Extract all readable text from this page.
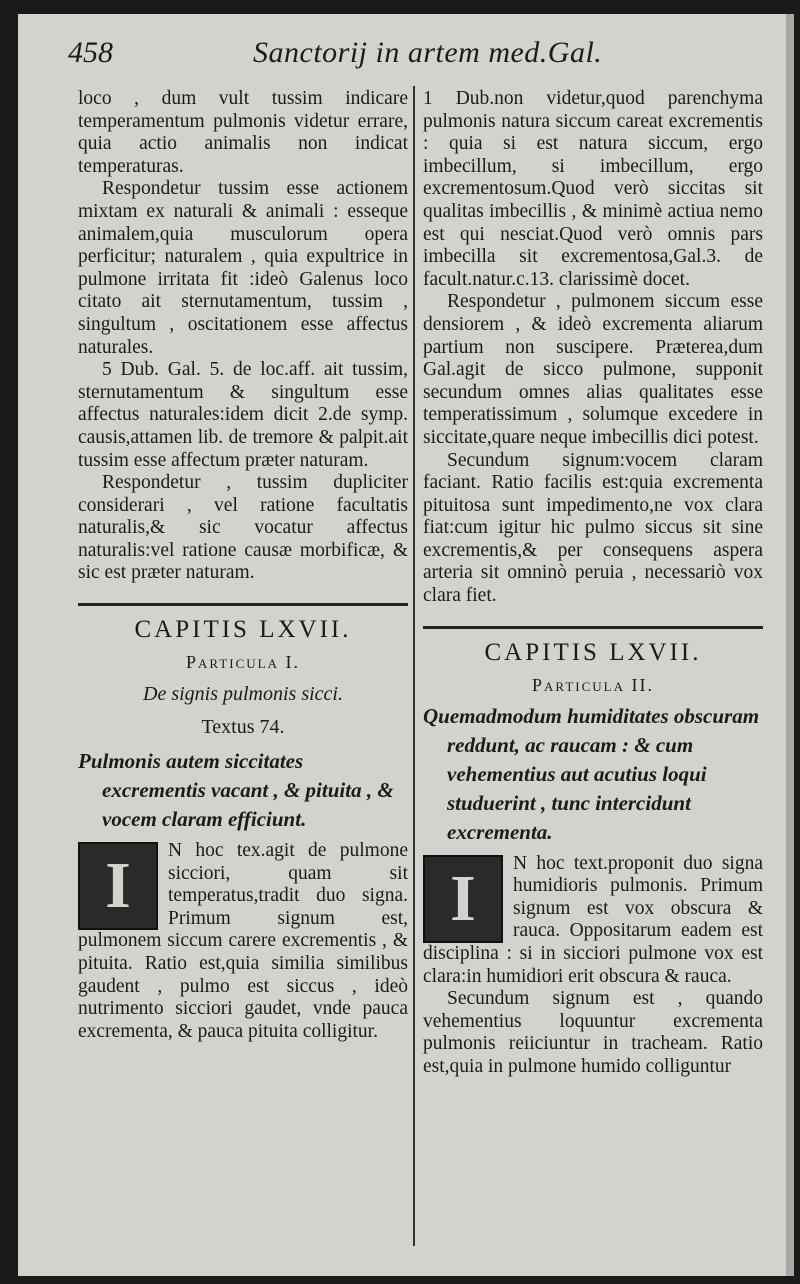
458	Sanctorij in artem med.Gal.

loco , dum vult tussim indicare temperamentum pulmonis videtur errare, quia actio animalis non indicat temperaturas.

Respondetur tussim esse actionem mixtam ex naturali & animali : esseque animalem,quia musculorum opera perficitur; naturalem , quia expultrice in pulmone irritata fit :ideò Galenus loco citato ait sternutamentum, tussim , singultum , oscitationem esse affectus naturales.

5 Dub. Gal. 5. de loc.aff. ait tussim, sternutamentum & singultum esse affectus naturales:idem dicit 2.de symp. causis,attamen lib. de tremore & palpit.ait tussim esse affectum præter naturam.

Respondetur , tussim dupliciter considerari , vel ratione facultatis naturalis,& sic vocatur affectus naturalis:vel ratione causæ morbificæ, & sic est præter naturam.

CAPITIS LXVII.
Particula I.
De signis pulmonis sicci.
Textus 74.

Pulmonis autem siccitates excrementis vacant , & pituita , & vocem claram efficiunt.

I	N hoc tex.agit de pulmone sicciori, quam sit temperatus,tradit duo signa. Primum signum est, pulmonem siccum carere excrementis , & pituita. Ratio est,quia similia similibus gaudent , pulmo est siccus , ideò nutrimento sicciori gaudet, vnde pauca excrementa, & pauca pituita colligitur.

1 Dub.non videtur,quod parenchyma pulmonis natura siccum careat excrementis : quia si est natura siccum, ergo imbecillum, si imbecillum, ergo excrementosum.Quod verò siccitas sit qualitas imbecillis , & minimè actiua nemo est qui nesciat.Quod verò omnis pars imbecilla sit excrementosa,Gal.3. de facult.natur.c.13. clarissimè docet.

Respondetur , pulmonem siccum esse densiorem , & ideò excrementa aliarum partium non suscipere. Præterea,dum Gal.agit de sicco pulmone, supponit secundum omnes alias qualitates esse temperatissimum , solumque excedere in siccitate,quare neque imbecillis dici potest.

Secundum signum:vocem claram faciant. Ratio facilis est:quia excrementa pituitosa sunt impedimento,ne vox clara fiat:cum igitur hic pulmo siccus sit sine excrementis,& per consequens aspera arteria sit omninò peruia , necessariò vox clara fiet.

CAPITIS LXVII.
Particula II.

Quemadmodum humiditates obscuram reddunt, ac raucam : & cum vehementius aut acutius loqui studuerint , tunc intercidunt excrementa.

I	N hoc text.proponit duo signa humidioris pulmonis. Primum signum est vox obscura & rauca. Oppositarum eadem est disciplina : si in sicciori pulmone vox est clara:in humidiori erit obscura & rauca.

Secundum signum est , quando vehementius loquuntur excrementa pulmonis reiiciuntur in tracheam. Ratio est,quia in pulmone humido colliguntur
